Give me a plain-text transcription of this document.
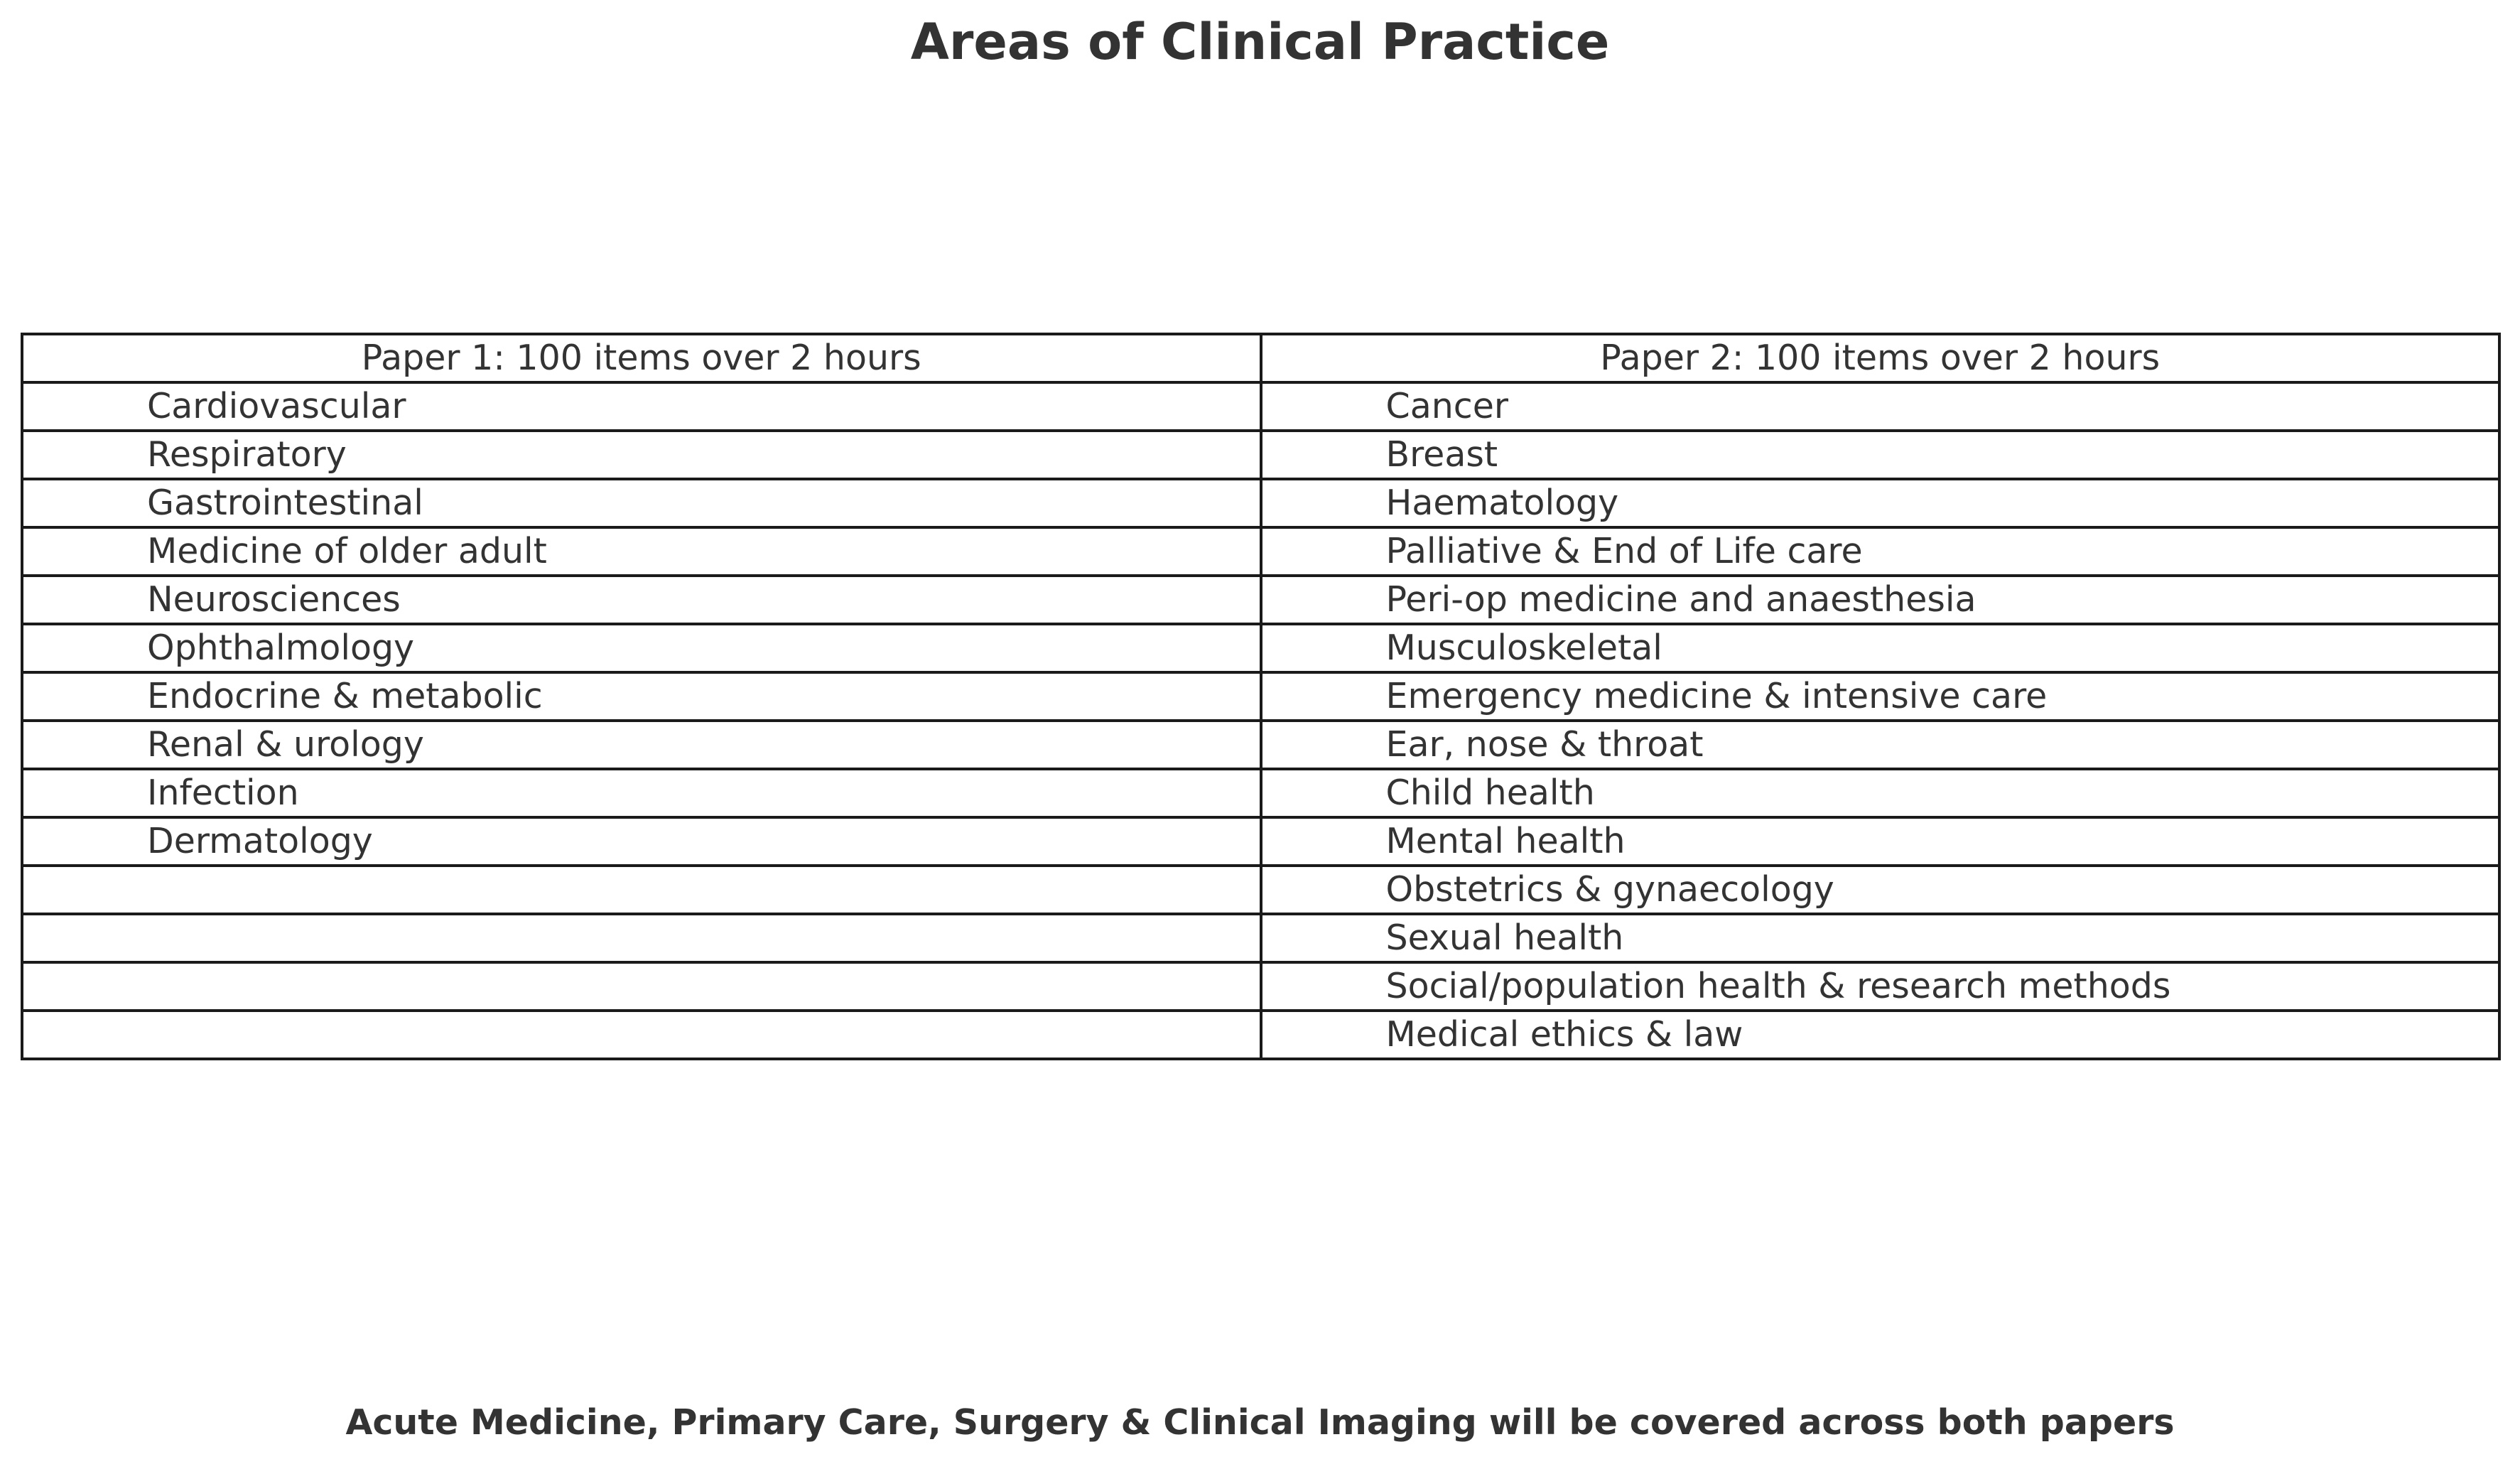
Areas of Clinical Practice
Paper 1: 100 items over 2 hours	Paper 2: 100 items over 2 hours
Cardiovascular	Cancer
Respiratory	Breast
Gastrointestinal	Haematology
Medicine of older adult	Palliative & End of Life care
Neurosciences	Peri-op medicine and anaesthesia
Ophthalmology	Musculoskeletal
Endocrine & metabolic	Emergency medicine & intensive care
Renal & urology	Ear, nose & throat
Infection	Child health
Dermatology	Mental health
	Obstetrics & gynaecology
	Sexual health
	Social/population health & research methods
	Medical ethics & law
Acute Medicine, Primary Care, Surgery & Clinical Imaging will be covered across both papers
